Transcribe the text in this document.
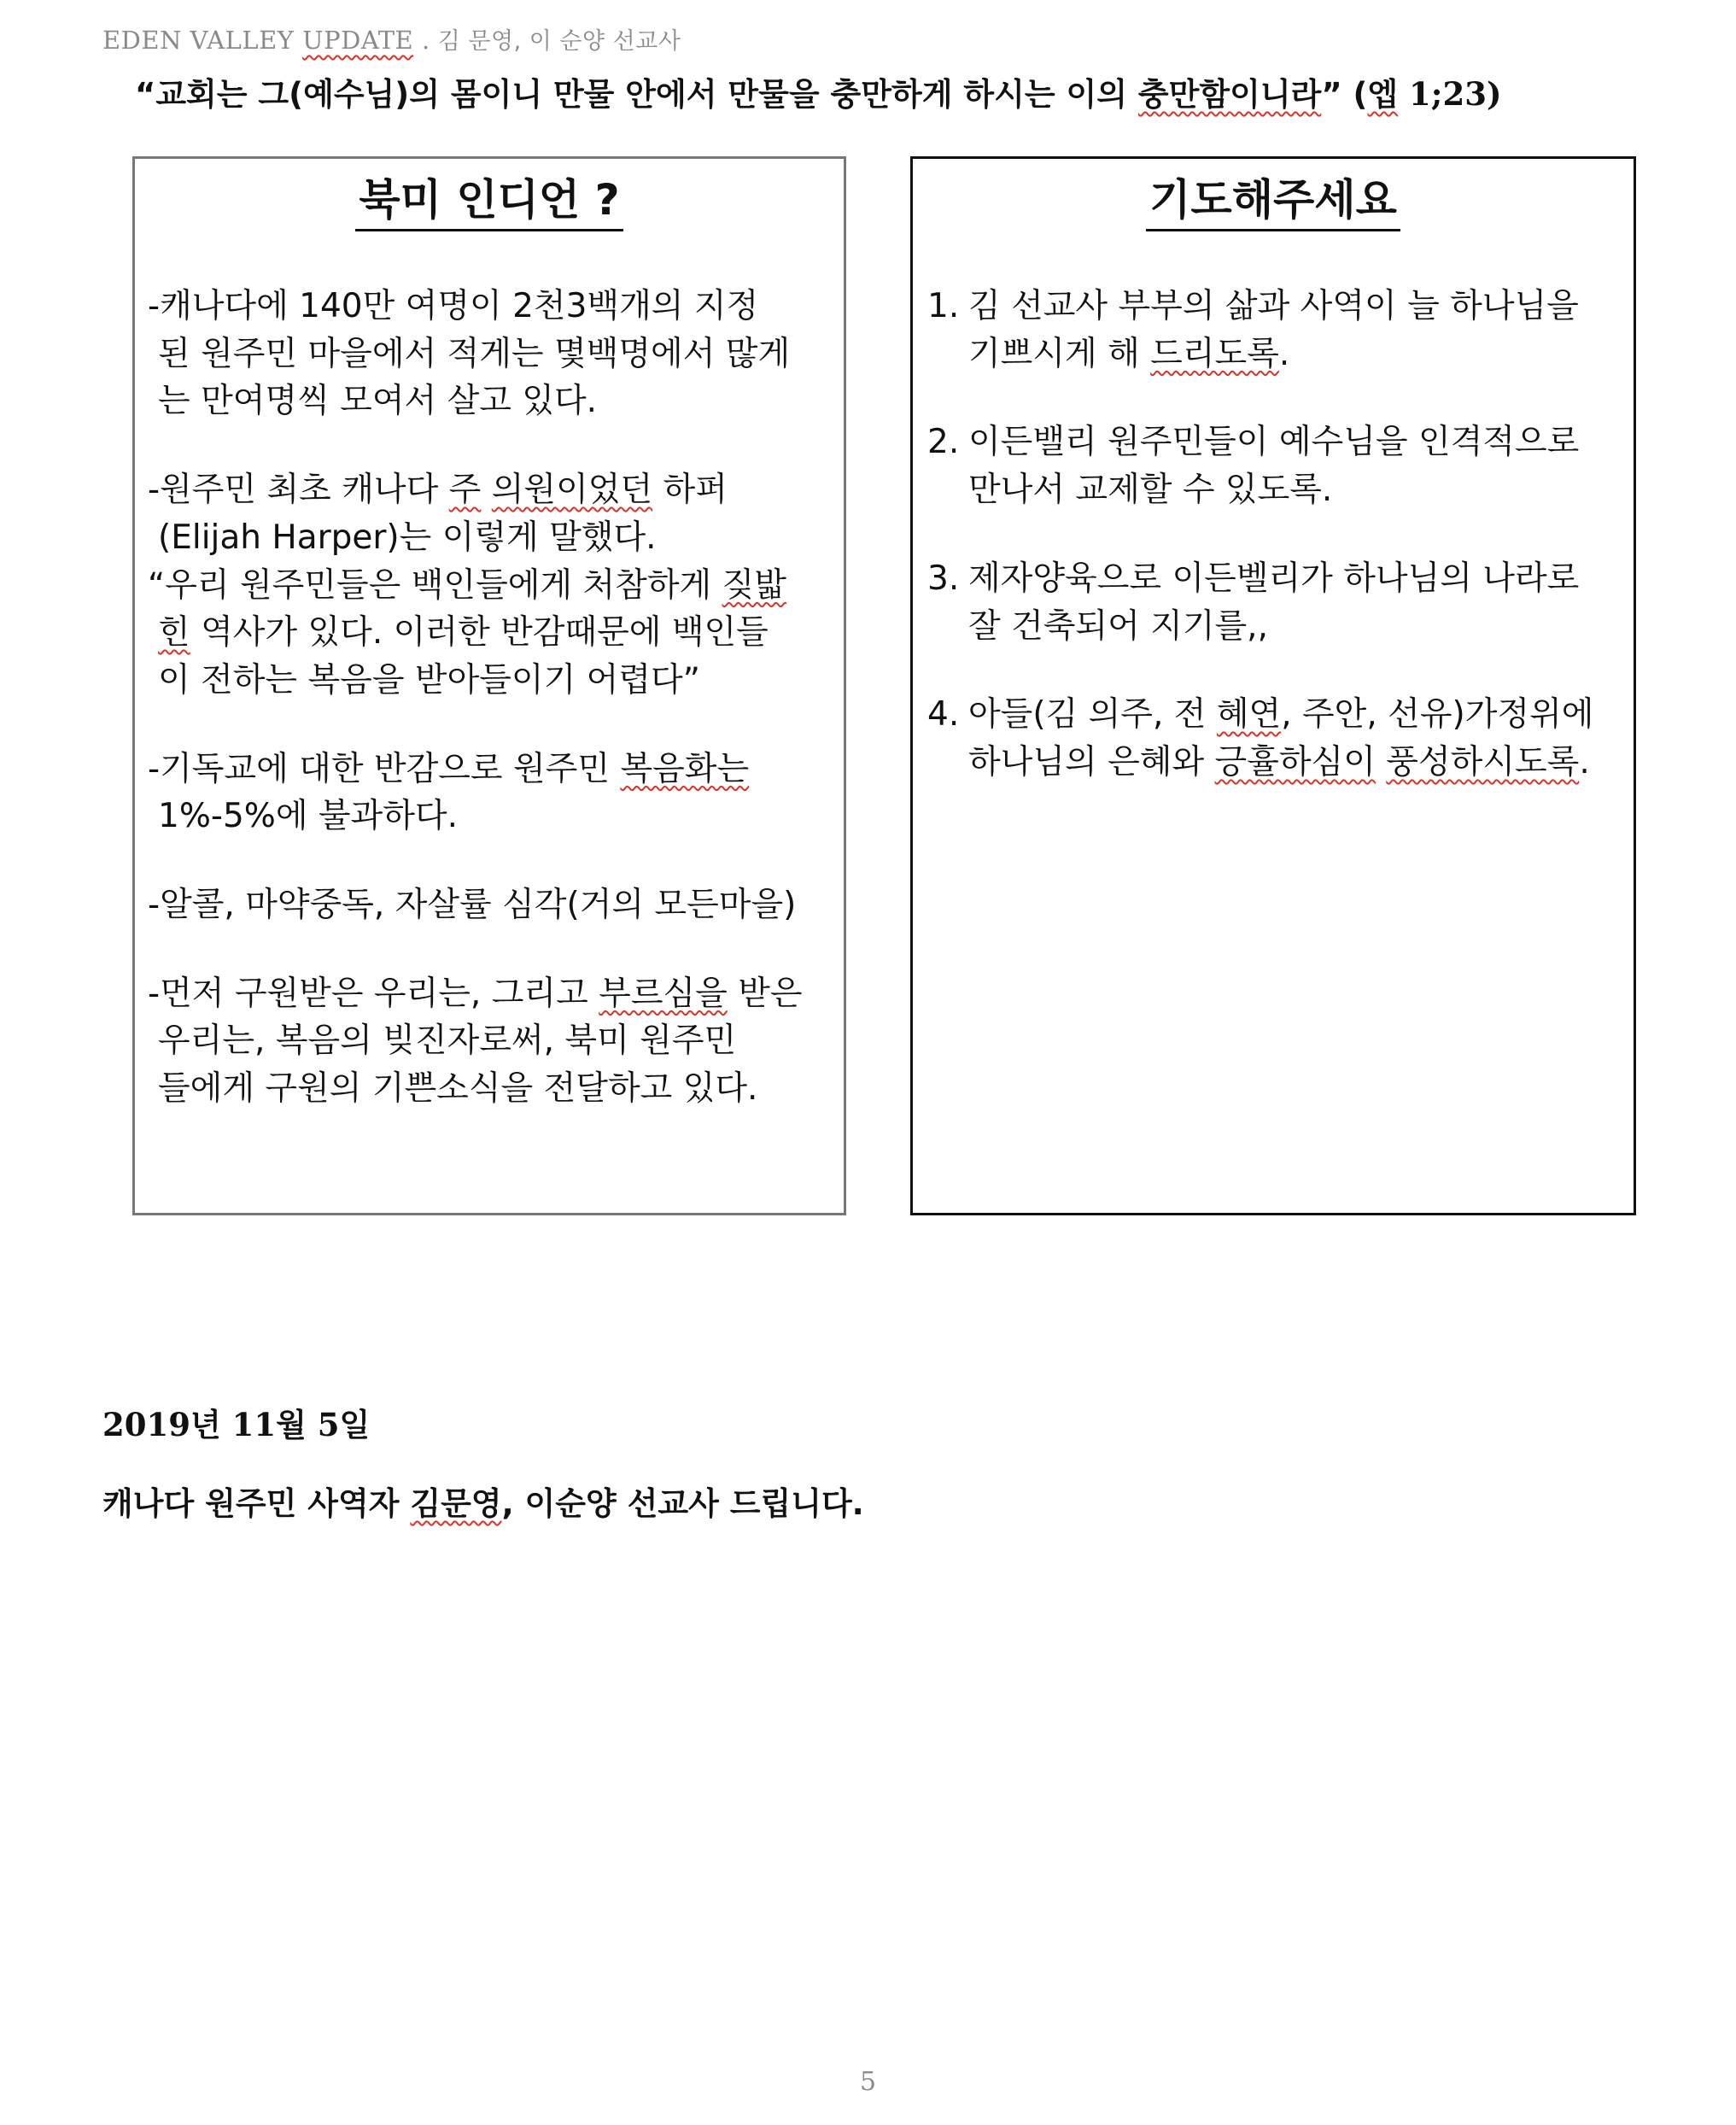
EDEN VALLEY UPDATE . 김 문영, 이 순양 선교사
“교회는 그(예수님)의 몸이니 만물 안에서 만물을 충만하게 하시는 이의 충만함이니라” (엡 1;23)
북미 인디언 ?
-캐나다에 140만 여명이 2천3백개의 지정
된 원주민 마을에서 적게는 몇백명에서 많게
는 만여명씩 모여서 살고 있다.
-원주민 최초 캐나다 주 의원이었던 하퍼
(Elijah Harper)는 이렇게 말했다.
“우리 원주민들은 백인들에게 처참하게 짖밟
힌 역사가 있다. 이러한 반감때문에 백인들
이 전하는 복음을 받아들이기 어렵다”
-기독교에 대한 반감으로 원주민 복음화는
1%-5%에 불과하다.
-알콜, 마약중독, 자살률 심각(거의 모든마을)
-먼저 구원받은 우리는, 그리고 부르심을 받은
우리는, 복음의 빚진자로써, 북미 원주민
들에게 구원의 기쁜소식을 전달하고 있다.
기도해주세요
1. 김 선교사 부부의 삶과 사역이 늘 하나님을
기쁘시게 해 드리도록.
2. 이든밸리 원주민들이 예수님을 인격적으로
만나서 교제할 수 있도록.
3. 제자양육으로 이든벨리가 하나님의 나라로
잘 건축되어 지기를,,
4. 아들(김 의주, 전 혜연, 주안, 선유)가정위에
하나님의 은혜와 긍휼하심이 풍성하시도록.
2019년 11월 5일
캐나다 원주민 사역자 김문영, 이순양 선교사 드립니다.
5
